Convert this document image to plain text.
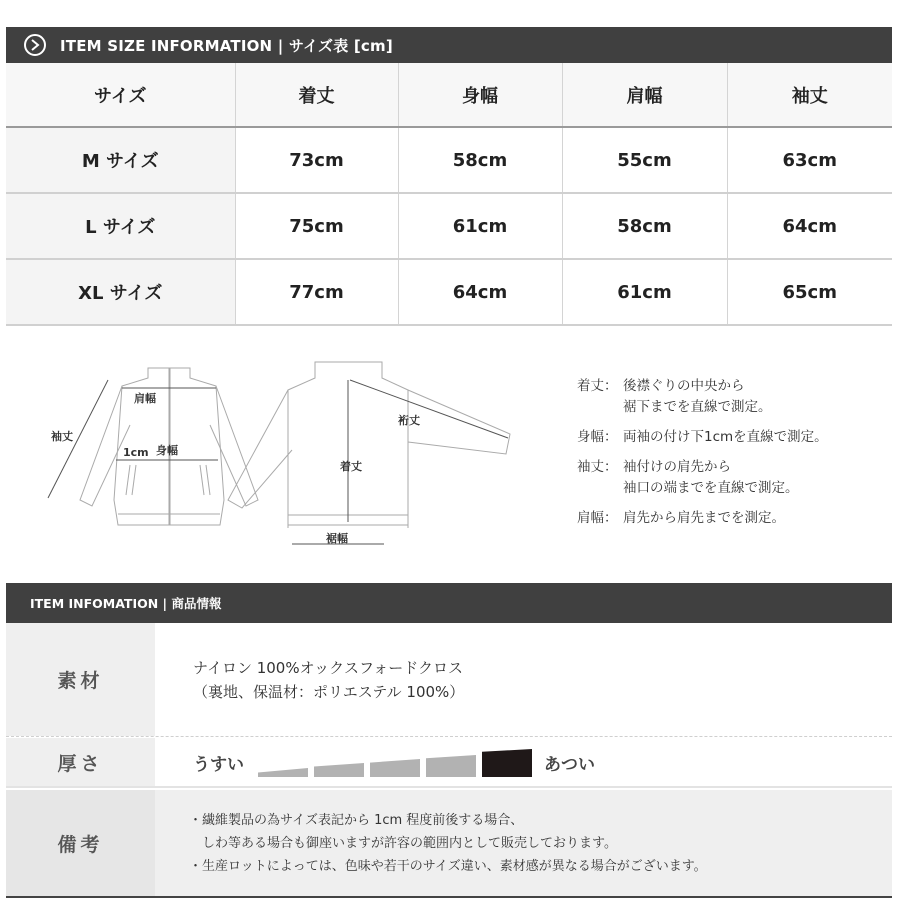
ITEM SIZE INFORMATION | サイズ表 [cm]
サイズ	着丈	身幅	肩幅	袖丈
M サイズ	73cm	58cm	55cm	63cm
L サイズ	75cm	61cm	58cm	64cm
XL サイズ	77cm	64cm	61cm	65cm
肩幅
袖丈
1cm 身幅
裄丈
着丈
裾幅
着丈： 後襟ぐりの中央から
裾下までを直線で測定。
身幅： 両袖の付け下1cmを直線で測定。
袖丈： 袖付けの肩先から
袖口の端までを直線で測定。
肩幅： 肩先から肩先までを測定。
ITEM INFOMATION | 商品情報
素材
ナイロン 100%オックスフォードクロス
（裏地、保温材：ポリエステル 100%）
厚さ	うすい	あつい
備考
・繊維製品の為サイズ表記から 1cm 程度前後する場合、
　しわ等ある場合も御座いますが許容の範囲内として販売しております。
・生産ロットによっては、色味や若干のサイズ違い、素材感が異なる場合がございます。
